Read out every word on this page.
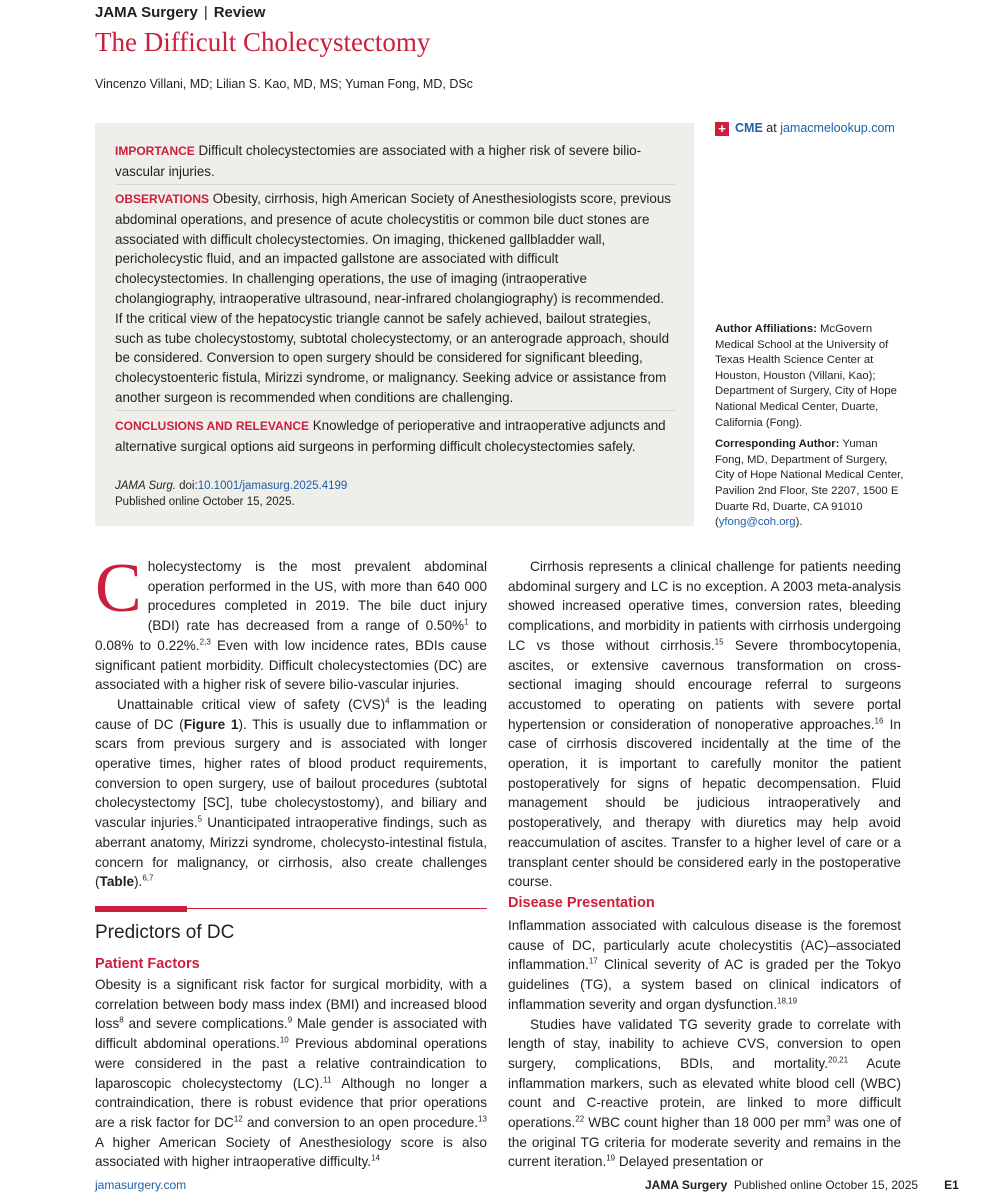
JAMA Surgery | Review
The Difficult Cholecystectomy
Vincenzo Villani, MD; Lilian S. Kao, MD, MS; Yuman Fong, MD, DSc
IMPORTANCE Difficult cholecystectomies are associated with a higher risk of severe bilio-vascular injuries.
OBSERVATIONS Obesity, cirrhosis, high American Society of Anesthesiologists score, previous abdominal operations, and presence of acute cholecystitis or common bile duct stones are associated with difficult cholecystectomies. On imaging, thickened gallbladder wall, pericholecystic fluid, and an impacted gallstone are associated with difficult cholecystectomies. In challenging operations, the use of imaging (intraoperative cholangiography, intraoperative ultrasound, near-infrared cholangiography) is recommended. If the critical view of the hepatocystic triangle cannot be safely achieved, bailout strategies, such as tube cholecystostomy, subtotal cholecystectomy, or an anterograde approach, should be considered. Conversion to open surgery should be considered for significant bleeding, cholecystoenteric fistula, Mirizzi syndrome, or malignancy. Seeking advice or assistance from another surgeon is recommended when conditions are challenging.
CONCLUSIONS AND RELEVANCE Knowledge of perioperative and intraoperative adjuncts and alternative surgical options aid surgeons in performing difficult cholecystectomies safely.
JAMA Surg. doi:10.1001/jamasurg.2025.4199
Published online October 15, 2025.
+ CME at jamacmelookup.com

Author Affiliations: McGovern Medical School at the University of Texas Health Science Center at Houston, Houston (Villani, Kao); Department of Surgery, City of Hope National Medical Center, Duarte, California (Fong).

Corresponding Author: Yuman Fong, MD, Department of Surgery, City of Hope National Medical Center, Pavilion 2nd Floor, Ste 2207, 1500 E Duarte Rd, Duarte, CA 91010 (yfong@coh.org).

Cholecystectomy is the most prevalent abdominal operation performed in the US, with more than 640 000 procedures completed in 2019. The bile duct injury (BDI) rate has decreased from a range of 0.50%$^1$ to 0.08% to 0.22%.$^{2,3}$ Even with low incidence rates, BDIs cause significant patient morbidity. Difficult cholecystectomies (DC) are associated with a higher risk of severe bilio-vascular injuries.

Unattainable critical view of safety (CVS)$^4$ is the leading cause of DC (Figure 1). This is usually due to inflammation or scars from previous surgery and is associated with longer operative times, higher rates of blood product requirements, conversion to open surgery, use of bailout procedures (subtotal cholecystectomy [SC], tube cholecystostomy), and biliary and vascular injuries.$^5$ Unanticipated intraoperative findings, such as aberrant anatomy, Mirizzi syndrome, cholecysto-intestinal fistula, concern for malignancy, or cirrhosis, also create challenges (Table).$^{6,7}$

Predictors of DC
Patient Factors

Obesity is a significant risk factor for surgical morbidity, with a correlation between body mass index (BMI) and increased blood loss$^8$ and severe complications.$^9$ Male gender is associated with difficult abdominal operations.$^{10}$ Previous abdominal operations were considered in the past a relative contraindication to laparoscopic cholecystectomy (LC).$^{11}$ Although no longer a contraindication, there is robust evidence that prior operations are a risk factor for DC$^{12}$ and conversion to an open procedure.$^{13}$ A higher American Society of Anesthesiology score is also associated with higher intraoperative difficulty.$^{14}$

Cirrhosis represents a clinical challenge for patients needing abdominal surgery and LC is no exception. A 2003 meta-analysis showed increased operative times, conversion rates, bleeding complications, and morbidity in patients with cirrhosis undergoing LC vs those without cirrhosis.$^{15}$ Severe thrombocytopenia, ascites, or extensive cavernous transformation on cross-sectional imaging should encourage referral to surgeons accustomed to operating on patients with severe portal hypertension or consideration of nonoperative approaches.$^{16}$ In case of cirrhosis discovered incidentally at the time of the operation, it is important to carefully monitor the patient postoperatively for signs of hepatic decompensation. Fluid management should be judicious intraoperatively and postoperatively, and therapy with diuretics may help avoid reaccumulation of ascites. Transfer to a higher level of care or a transplant center should be considered early in the postoperative course.

Disease Presentation

Inflammation associated with calculous disease is the foremost cause of DC, particularly acute cholecystitis (AC)–associated inflammation.$^{17}$ Clinical severity of AC is graded per the Tokyo guidelines (TG), a system based on clinical indicators of inflammation severity and organ dysfunction.$^{18,19}$

Studies have validated TG severity grade to correlate with length of stay, inability to achieve CVS, conversion to open surgery, complications, BDIs, and mortality.$^{20,21}$ Acute inflammation markers, such as elevated white blood cell (WBC) count and C-reactive protein, are linked to more difficult operations.$^{22}$ WBC count higher than 18 000 per $mm^3$ was one of the original TG criteria for moderate severity and remains in the current iteration.$^{19}$ Delayed presentation or

jamasurgery.com	JAMA Surgery Published online October 15, 2025 E1
